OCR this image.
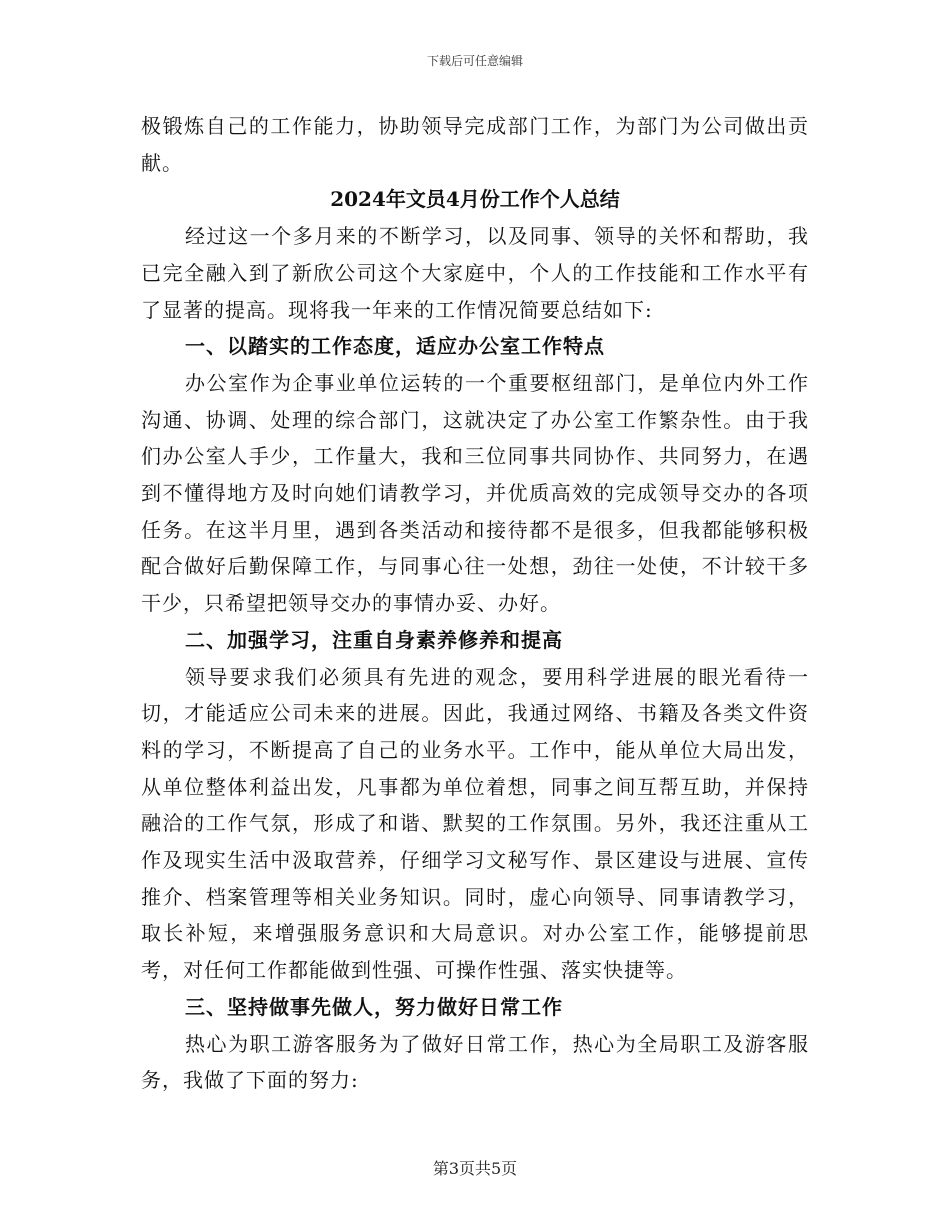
下载后可任意编辑

极锻炼自己的工作能力，协助领导完成部门工作，为部门为公司做出贡献。

2024年文员4月份工作个人总结

经过这一个多月来的不断学习，以及同事、领导的关怀和帮助，我已完全融入到了新欣公司这个大家庭中，个人的工作技能和工作水平有了显著的提高。现将我一年来的工作情况简要总结如下:

一、以踏实的工作态度，适应办公室工作特点

办公室作为企事业单位运转的一个重要枢纽部门，是单位内外工作沟通、协调、处理的综合部门，这就决定了办公室工作繁杂性。由于我们办公室人手少，工作量大，我和三位同事共同协作、共同努力，在遇到不懂得地方及时向她们请教学习，并优质高效的完成领导交办的各项任务。在这半月里，遇到各类活动和接待都不是很多，但我都能够积极配合做好后勤保障工作，与同事心往一处想，劲往一处使，不计较干多干少，只希望把领导交办的事情办妥、办好。

二、加强学习，注重自身素养修养和提高

领导要求我们必须具有先进的观念，要用科学进展的眼光看待一切，才能适应公司未来的进展。因此，我通过网络、书籍及各类文件资料的学习，不断提高了自己的业务水平。工作中，能从单位大局出发，从单位整体利益出发，凡事都为单位着想，同事之间互帮互助，并保持融洽的工作气氛，形成了和谐、默契的工作氛围。另外，我还注重从工作及现实生活中汲取营养，仔细学习文秘写作、景区建设与进展、宣传推介、档案管理等相关业务知识。同时，虚心向领导、同事请教学习，取长补短，来增强服务意识和大局意识。对办公室工作，能够提前思考，对任何工作都能做到性强、可操作性强、落实快捷等。

三、坚持做事先做人，努力做好日常工作

热心为职工游客服务为了做好日常工作，热心为全局职工及游客服务，我做了下面的努力:

第3页共5页
